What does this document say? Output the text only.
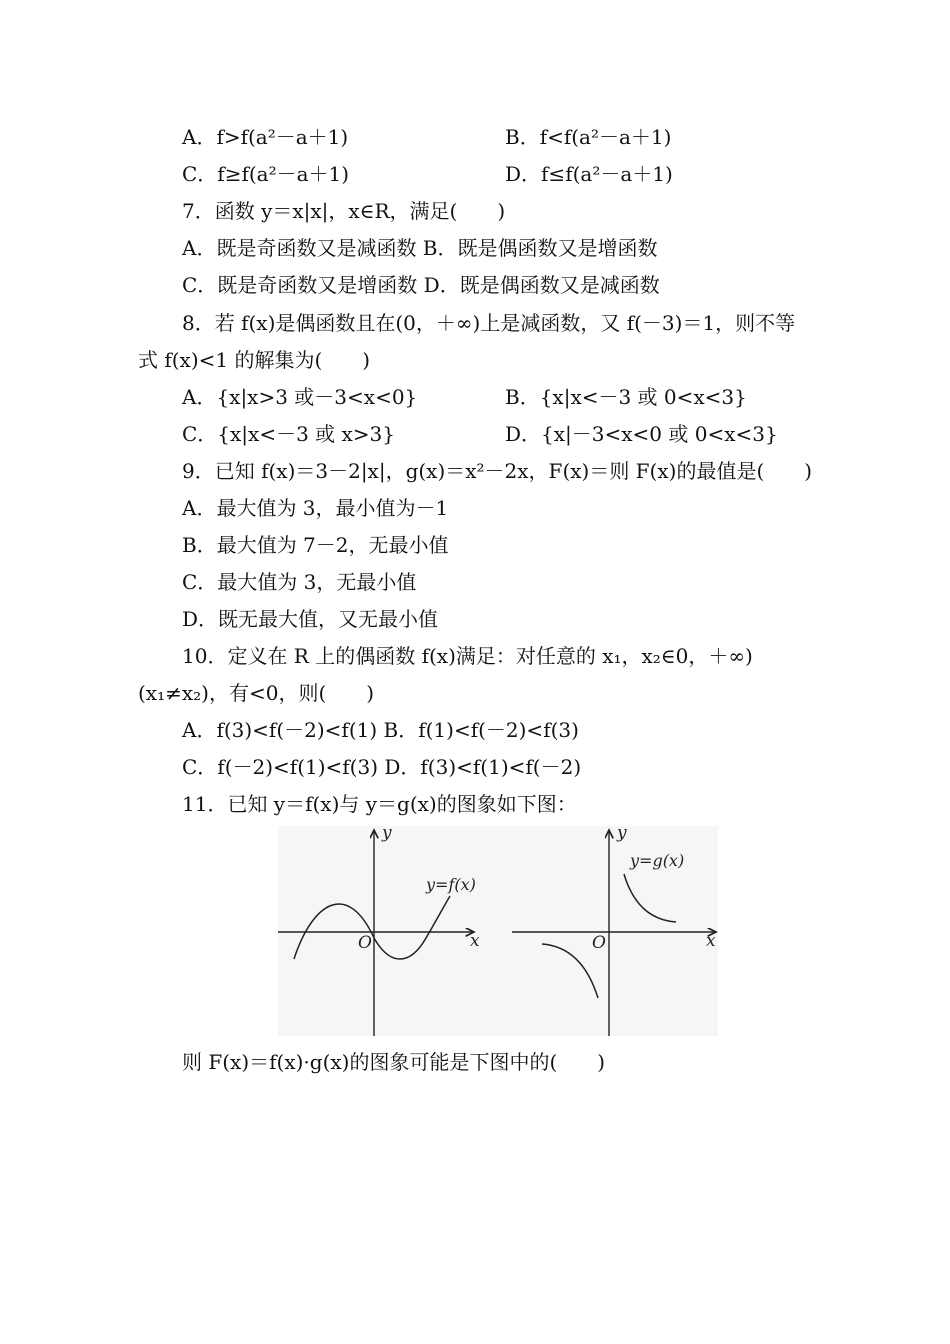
A．f>f(a²－a＋1)	B．f<f(a²－a＋1)
C．f≥f(a²－a＋1)	D．f≤f(a²－a＋1)
7．函数 y＝x|x|，x∈R，满足(　　)
A．既是奇函数又是减函数 B．既是偶函数又是增函数
C．既是奇函数又是增函数 D．既是偶函数又是减函数
8．若 f(x)是偶函数且在(0，＋∞)上是减函数，又 f(－3)＝1，则不等
式 f(x)<1 的解集为(　　)
A．{x|x>3 或－3<x<0}	B．{x|x<－3 或 0<x<3}
C．{x|x<－3 或 x>3}	D．{x|－3<x<0 或 0<x<3}
9．已知 f(x)＝3－2|x|，g(x)＝x²－2x，F(x)＝则 F(x)的最值是(　　)
A．最大值为 3，最小值为－1
B．最大值为 7－2，无最小值
C．最大值为 3，无最小值
D．既无最大值，又无最小值
10．定义在 R 上的偶函数 f(x)满足：对任意的 x₁，x₂∈0，＋∞)
(x₁≠x₂)，有<0，则(　　)
A．f(3)<f(－2)<f(1) B．f(1)<f(－2)<f(3)
C．f(－2)<f(1)<f(3) D．f(3)<f(1)<f(－2)
11．已知 y＝f(x)与 y＝g(x)的图象如下图：
y
x
O
y=f(x)
y
x
O
y=g(x)
则 F(x)＝f(x)·g(x)的图象可能是下图中的(　　)
